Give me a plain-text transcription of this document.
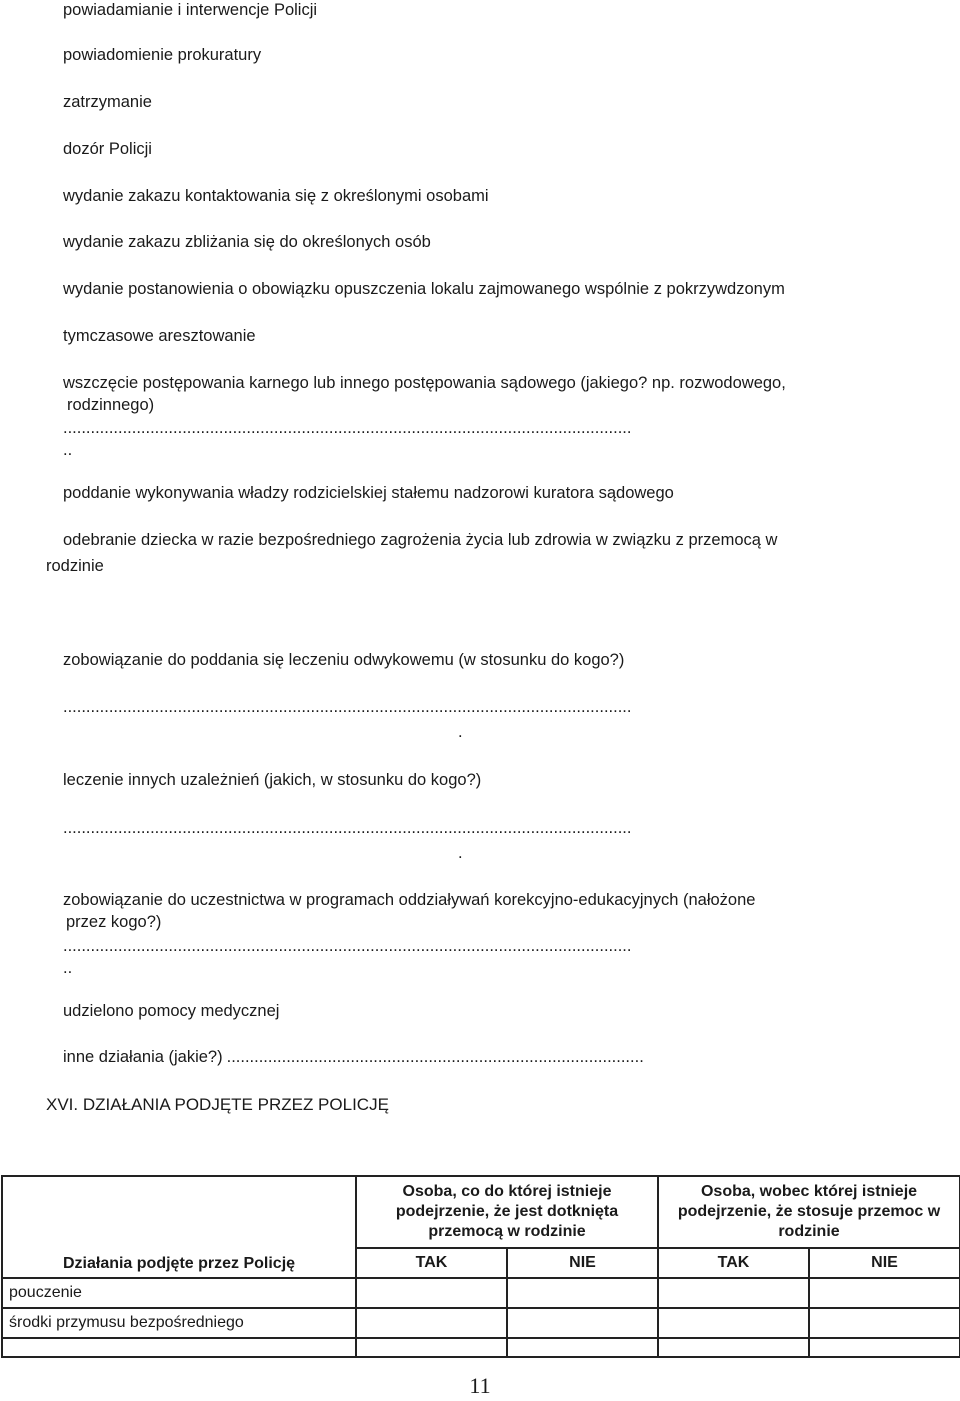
powiadamianie i interwencje Policji
powiadomienie prokuratury
zatrzymanie
dozór Policji
wydanie zakazu kontaktowania się z określonymi osobami
wydanie zakazu zbliżania się do określonych osób
wydanie postanowienia o obowiązku opuszczenia lokalu zajmowanego wspólnie z pokrzywdzonym
tymczasowe aresztowanie
wszczęcie postępowania karnego lub innego postępowania sądowego (jakiego? np. rozwodowego,
rodzinnego)
............................................................................................................................
..
poddanie wykonywania władzy rodzicielskiej stałemu nadzorowi kuratora sądowego
odebranie dziecka w razie bezpośredniego zagrożenia życia lub zdrowia w związku z przemocą w
rodzinie
zobowiązanie do poddania się leczeniu odwykowemu (w stosunku do kogo?)
............................................................................................................................
.
leczenie innych uzależnień (jakich, w stosunku do kogo?)
............................................................................................................................
.
zobowiązanie do uczestnictwa w programach oddziaływań korekcyjno-edukacyjnych (nałożone
przez kogo?)
............................................................................................................................
..
udzielono pomocy medycznej
inne działania (jakie?) ...........................................................................................
XVI. DZIAŁANIA PODJĘTE PRZEZ POLICJĘ
Działania podjęte przez Policję	Osoba, co do której istnieje podejrzenie, że jest dotknięta przemocą w rodzinie		Osoba, wobec której istnieje podejrzenie, że stosuje przemoc w rodzinie	
	TAK	NIE	TAK	NIE
pouczenie				
środki przymusu bezpośredniego				

11
